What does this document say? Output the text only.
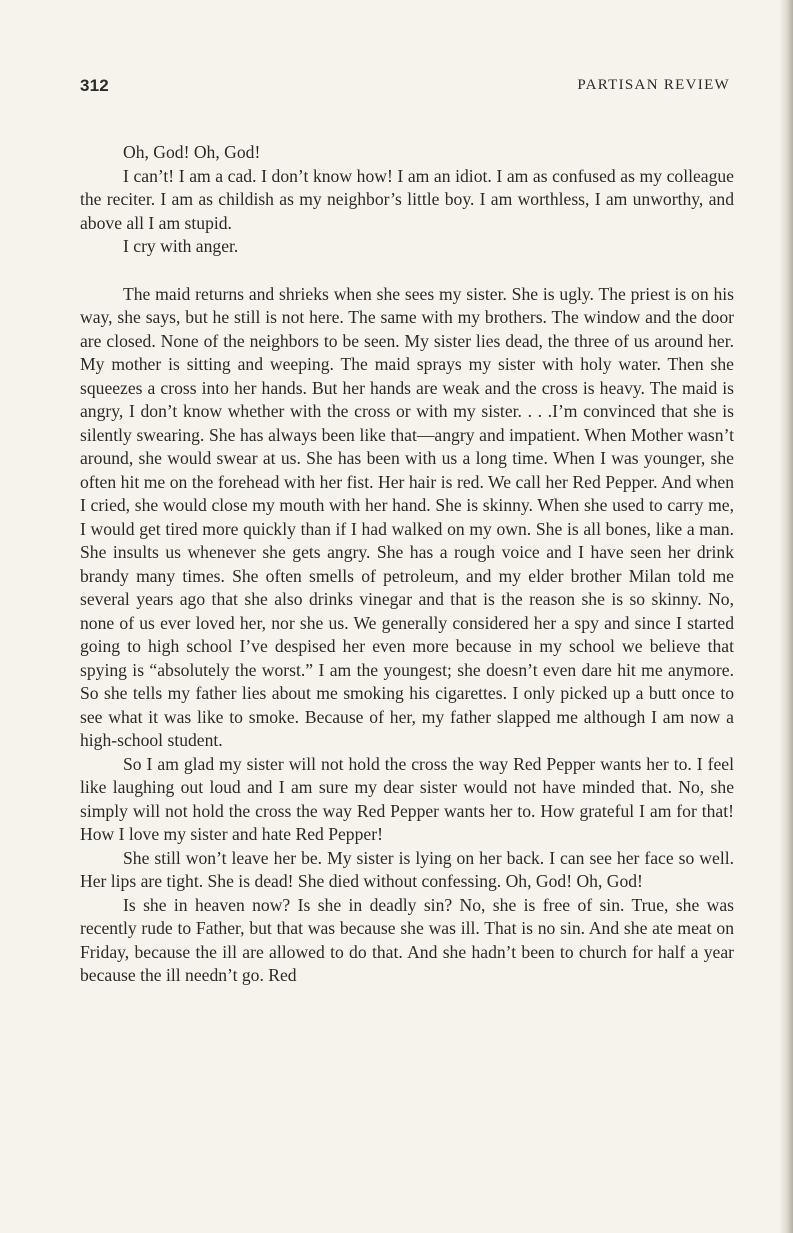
312	PARTISAN REVIEW

Oh, God! Oh, God!

I can’t! I am a cad. I don’t know how! I am an idiot. I am as confused as my colleague the reciter. I am as childish as my neighbor’s little boy. I am worthless, I am unworthy, and above all I am stupid.

I cry with anger.

The maid returns and shrieks when she sees my sister. She is ugly. The priest is on his way, she says, but he still is not here. The same with my brothers. The window and the door are closed. None of the neighbors to be seen. My sister lies dead, the three of us around her. My mother is sitting and weeping. The maid sprays my sister with holy water. Then she squeezes a cross into her hands. But her hands are weak and the cross is heavy. The maid is angry, I don’t know whether with the cross or with my sister. . . .I’m convinced that she is silently swearing. She has always been like that—angry and impatient. When Mother wasn’t around, she would swear at us. She has been with us a long time. When I was younger, she often hit me on the forehead with her fist. Her hair is red. We call her Red Pepper. And when I cried, she would close my mouth with her hand. She is skinny. When she used to carry me, I would get tired more quickly than if I had walked on my own. She is all bones, like a man. She insults us whenever she gets angry. She has a rough voice and I have seen her drink brandy many times. She often smells of petroleum, and my elder brother Milan told me several years ago that she also drinks vinegar and that is the reason she is so skinny. No, none of us ever loved her, nor she us. We generally considered her a spy and since I started going to high school I’ve despised her even more because in my school we believe that spying is “absolutely the worst.” I am the youngest; she doesn’t even dare hit me anymore. So she tells my father lies about me smoking his cigarettes. I only picked up a butt once to see what it was like to smoke. Because of her, my father slapped me although I am now a high-school student.

So I am glad my sister will not hold the cross the way Red Pepper wants her to. I feel like laughing out loud and I am sure my dear sister would not have minded that. No, she simply will not hold the cross the way Red Pepper wants her to. How grateful I am for that! How I love my sister and hate Red Pepper!

She still won’t leave her be. My sister is lying on her back. I can see her face so well. Her lips are tight. She is dead! She died without confessing. Oh, God! Oh, God!

Is she in heaven now? Is she in deadly sin? No, she is free of sin. True, she was recently rude to Father, but that was because she was ill. That is no sin. And she ate meat on Friday, because the ill are allowed to do that. And she hadn’t been to church for half a year because the ill needn’t go. Red
